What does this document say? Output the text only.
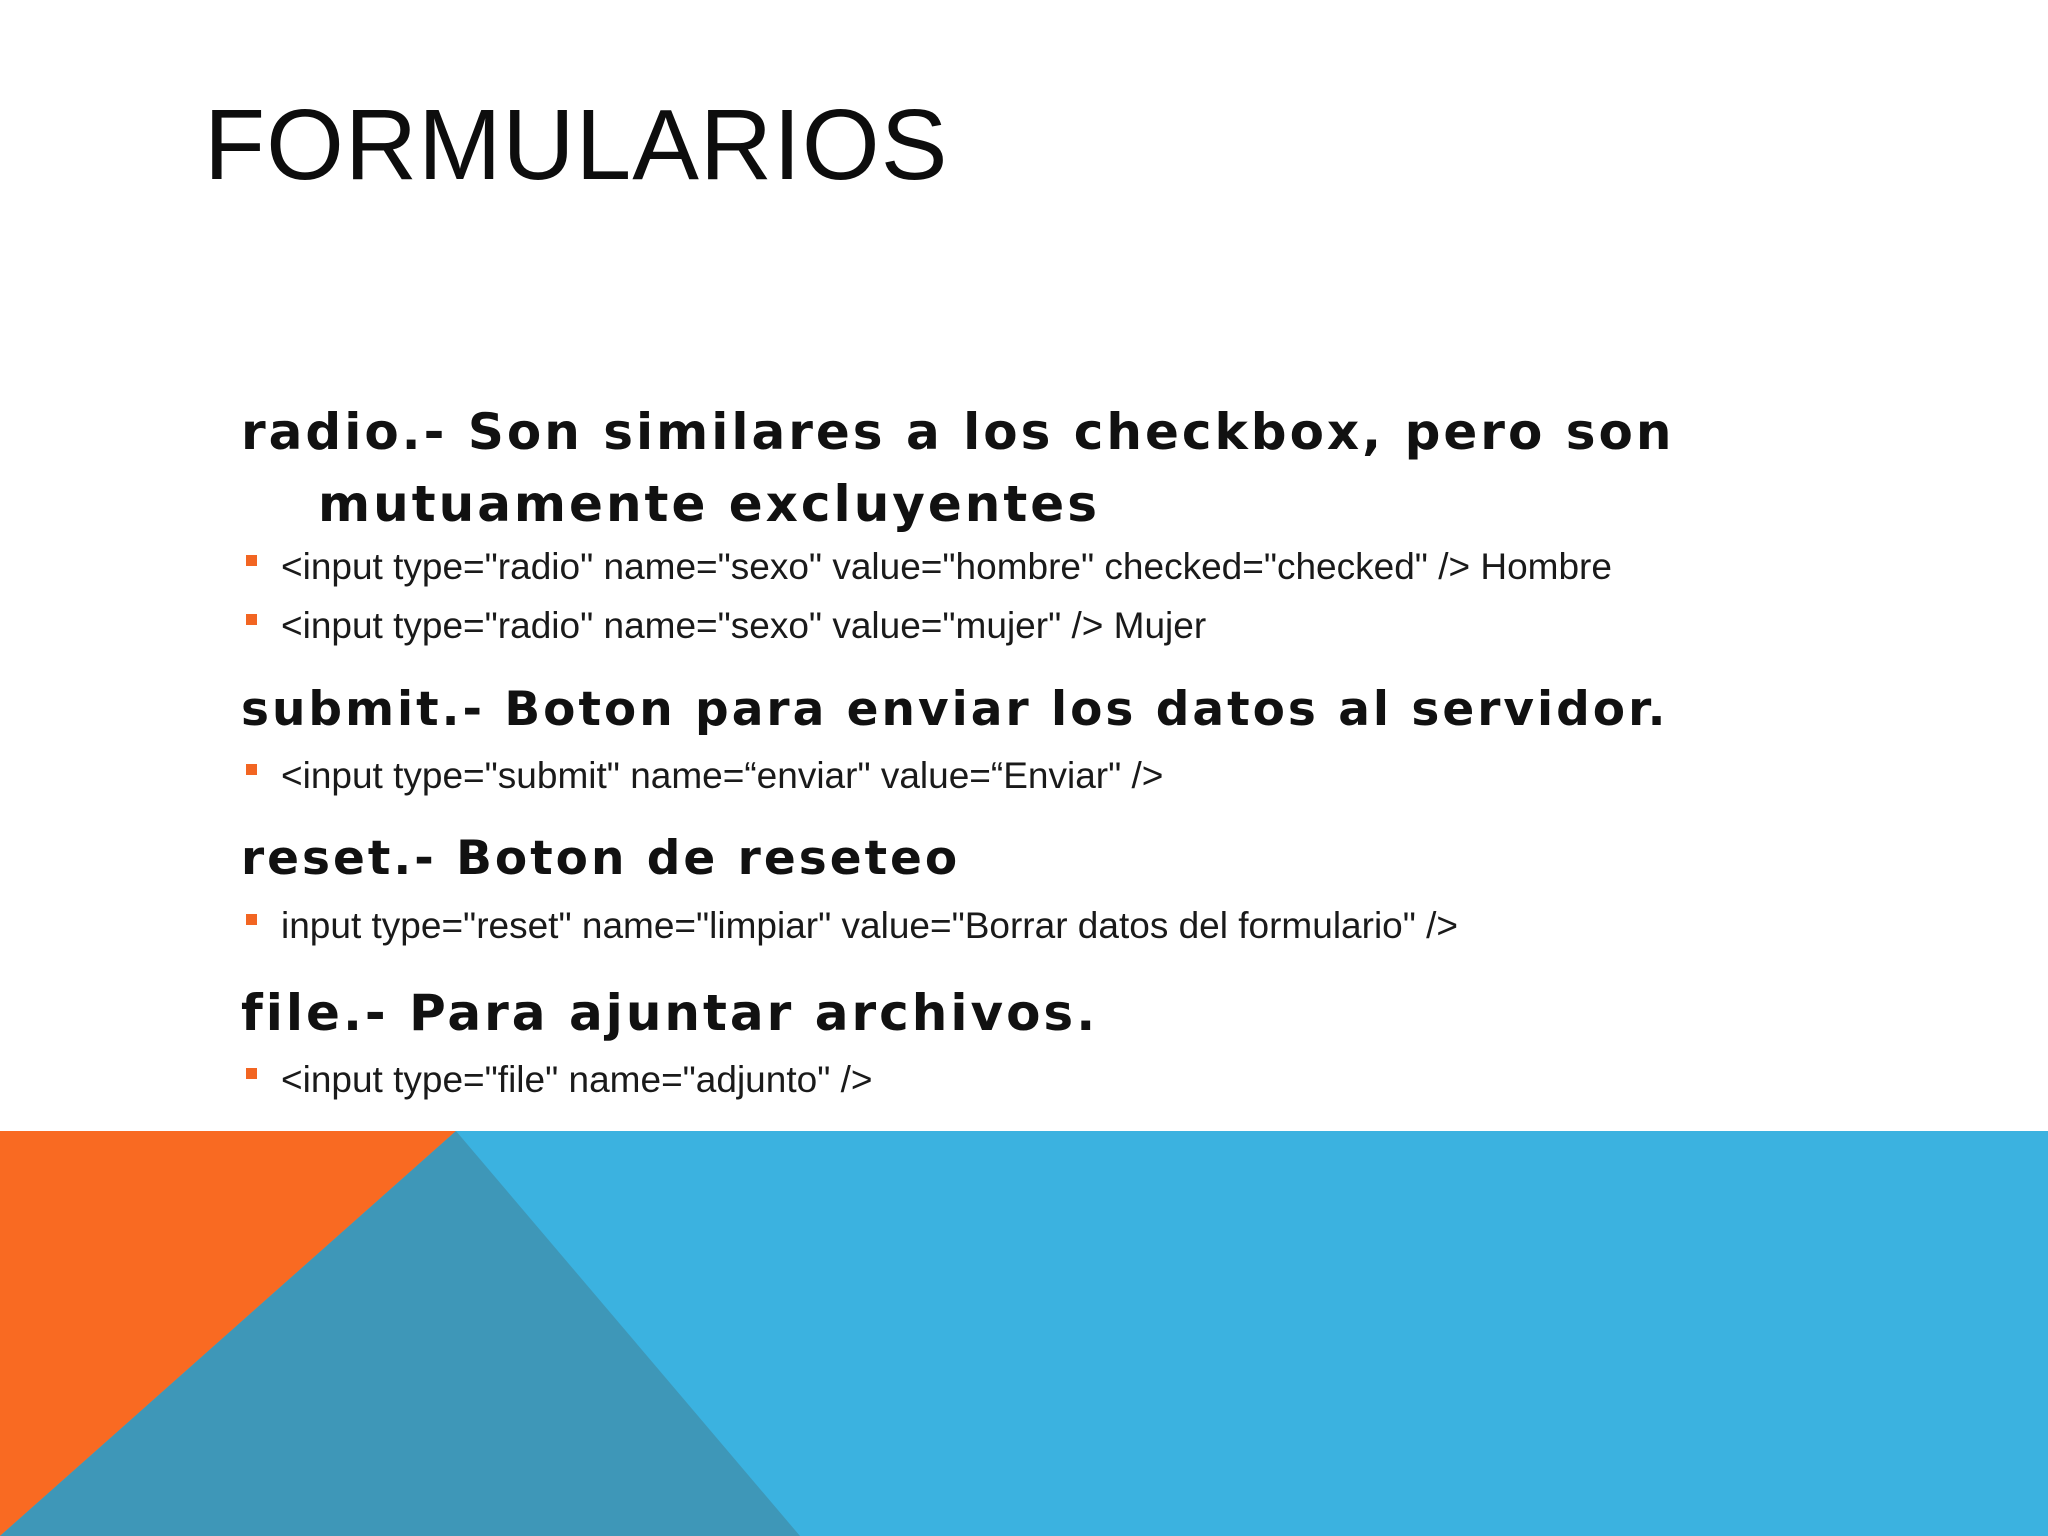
FORMULARIOS
radio.- Son similares a los checkbox, pero son
mutuamente excluyentes
<input type="radio" name="sexo" value="hombre" checked="checked" /> Hombre
<input type="radio" name="sexo" value="mujer" /> Mujer
submit.- Boton para enviar los datos al servidor.
<input type="submit" name=“enviar" value=“Enviar" />
reset.- Boton de reseteo
input type="reset" name="limpiar" value="Borrar datos del formulario" />
file.- Para ajuntar archivos.
<input type="file" name="adjunto" />
